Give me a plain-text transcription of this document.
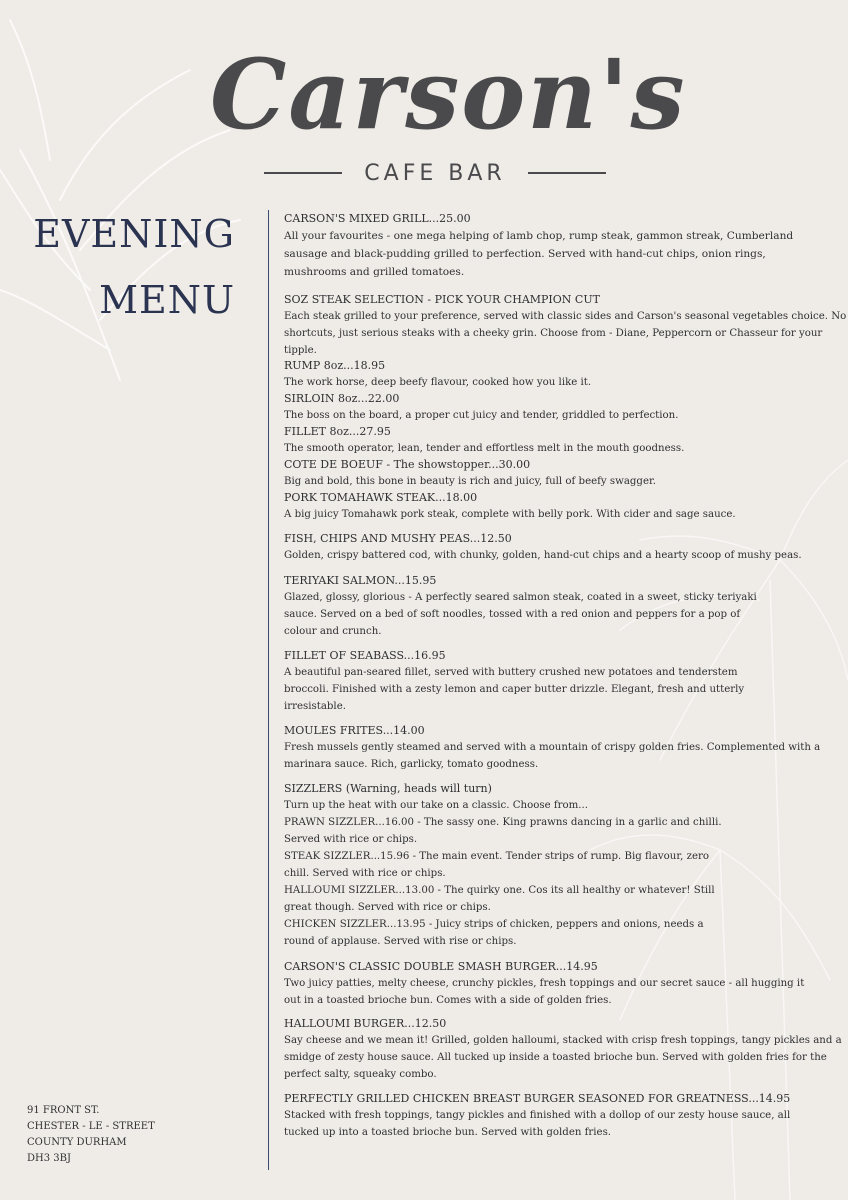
Carson's
CAFE BAR
EVENING
MENU
91 FRONT ST.
CHESTER - LE - STREET
COUNTY DURHAM
DH3 3BJ
CARSON'S MIXED GRILL...25.00
All your favourites - one mega helping of lamb chop, rump steak, gammon streak, Cumberland
sausage and black-pudding grilled to perfection. Served with hand-cut chips, onion rings,
mushrooms and grilled tomatoes.
SOZ STEAK SELECTION - PICK YOUR CHAMPION CUT
Each steak grilled to your preference, served with classic sides and Carson's seasonal vegetables choice. No
shortcuts, just serious steaks with a cheeky grin. Choose from - Diane, Peppercorn or Chasseur for your
tipple.
RUMP 8oz...18.95
The work horse, deep beefy flavour, cooked how you like it.
SIRLOIN 8oz...22.00
The boss on the board, a proper cut juicy and tender, griddled to perfection.
FILLET 8oz...27.95
The smooth operator, lean, tender and effortless melt in the mouth goodness.
COTE DE BOEUF - The showstopper...30.00
Big and bold, this bone in beauty is rich and juicy, full of beefy swagger.
PORK TOMAHAWK STEAK...18.00
A big juicy Tomahawk pork steak, complete with belly pork. With cider and sage sauce.
FISH, CHIPS AND MUSHY PEAS...12.50
Golden, crispy battered cod, with chunky, golden, hand-cut chips and a hearty scoop of mushy peas.
TERIYAKI SALMON...15.95
Glazed, glossy, glorious - A perfectly seared salmon steak, coated in a sweet, sticky teriyaki
sauce. Served on a bed of soft noodles, tossed with a red onion and peppers for a pop of
colour and crunch.
FILLET OF SEABASS...16.95
A beautiful pan-seared fillet, served with buttery crushed new potatoes and tenderstem
broccoli. Finished with a zesty lemon and caper butter drizzle. Elegant, fresh and utterly
irresistable.
MOULES FRITES...14.00
Fresh mussels gently steamed and served with a mountain of crispy golden fries. Complemented with a
marinara sauce. Rich, garlicky, tomato goodness.
SIZZLERS (Warning, heads will turn)
Turn up the heat with our take on a classic. Choose from...
PRAWN SIZZLER...16.00 - The sassy one. King prawns dancing in a garlic and chilli.
Served with rice or chips.
STEAK SIZZLER...15.96 - The main event. Tender strips of rump. Big flavour, zero
chill. Served with rice or chips.
HALLOUMI SIZZLER...13.00 - The quirky one. Cos its all healthy or whatever! Still
great though. Served with rice or chips.
CHICKEN SIZZLER...13.95 - Juicy strips of chicken, peppers and onions, needs a
round of applause. Served with rise or chips.
CARSON'S CLASSIC DOUBLE SMASH BURGER...14.95
Two juicy patties, melty cheese, crunchy pickles, fresh toppings and our secret sauce - all hugging it
out in a toasted brioche bun. Comes with a side of golden fries.
HALLOUMI BURGER...12.50
Say cheese and we mean it! Grilled, golden halloumi, stacked with crisp fresh toppings, tangy pickles and a
smidge of zesty house sauce. All tucked up inside a toasted brioche bun. Served with golden fries for the
perfect salty, squeaky combo.
PERFECTLY GRILLED CHICKEN BREAST BURGER SEASONED FOR GREATNESS...14.95
Stacked with fresh toppings, tangy pickles and finished with a dollop of our zesty house sauce, all
tucked up into a toasted brioche bun. Served with golden fries.
